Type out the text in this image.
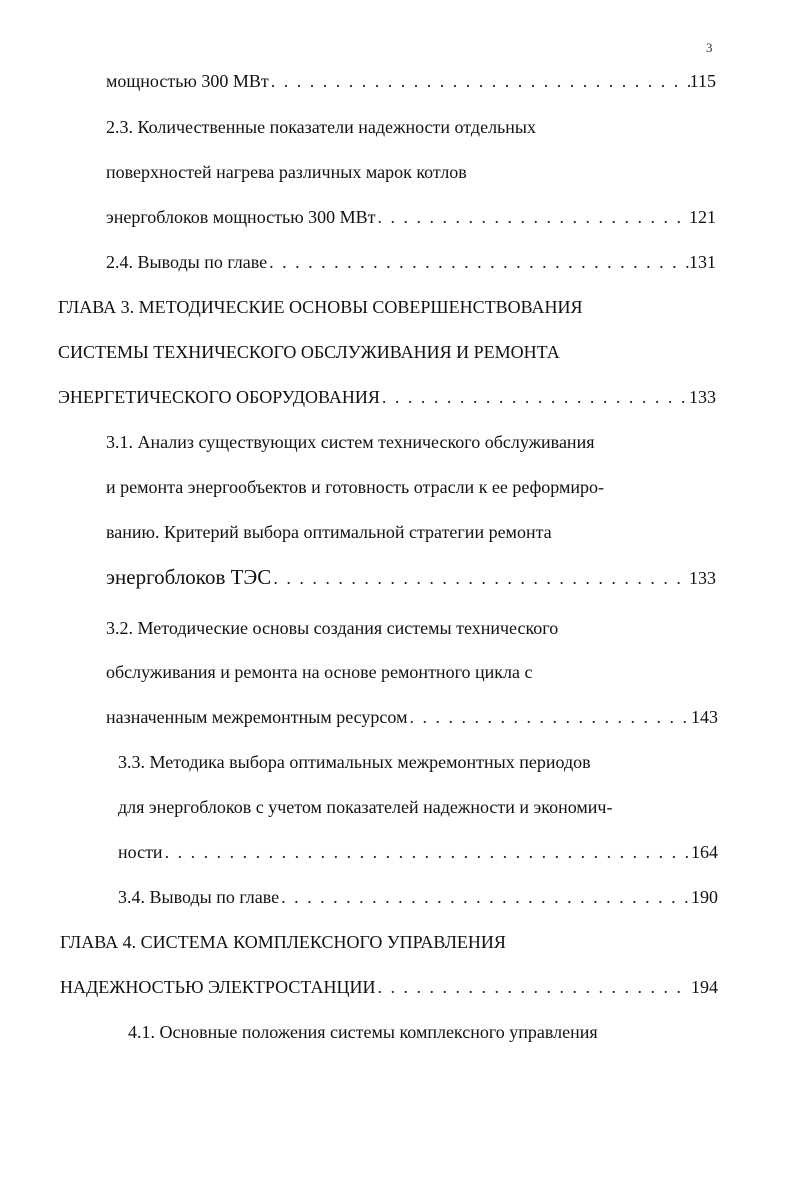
3
мощностью 300 МВт . . .	115
2.3. Количественные показатели надежности отдельных
поверхностей нагрева различных марок котлов
энергоблоков мощностью 300 МВт . . .	121
2.4. Выводы по главе . . .	131
ГЛАВА 3. МЕТОДИЧЕСКИЕ ОСНОВЫ СОВЕРШЕНСТВОВАНИЯ
СИСТЕМЫ ТЕХНИЧЕСКОГО ОБСЛУЖИВАНИЯ И РЕМОНТА
ЭНЕРГЕТИЧЕСКОГО ОБОРУДОВАНИЯ . . .	133
3.1. Анализ существующих систем технического обслуживания
и ремонта энергообъектов и готовность отрасли к ее реформиро-
ванию. Критерий выбора оптимальной стратегии ремонта
энергоблоков ТЭС . . .	133
3.2. Методические основы создания системы технического
обслуживания и ремонта на основе ремонтного цикла с
назначенным межремонтным ресурсом . . .	143
3.3. Методика выбора оптимальных межремонтных периодов
для энергоблоков с учетом показателей надежности и экономич-
ности . . .	164
3.4. Выводы по главе . . .	190
ГЛАВА 4. СИСТЕМА КОМПЛЕКСНОГО УПРАВЛЕНИЯ
НАДЕЖНОСТЬЮ ЭЛЕКТРОСТАНЦИИ . . .	194
4.1. Основные положения системы комплексного управления
